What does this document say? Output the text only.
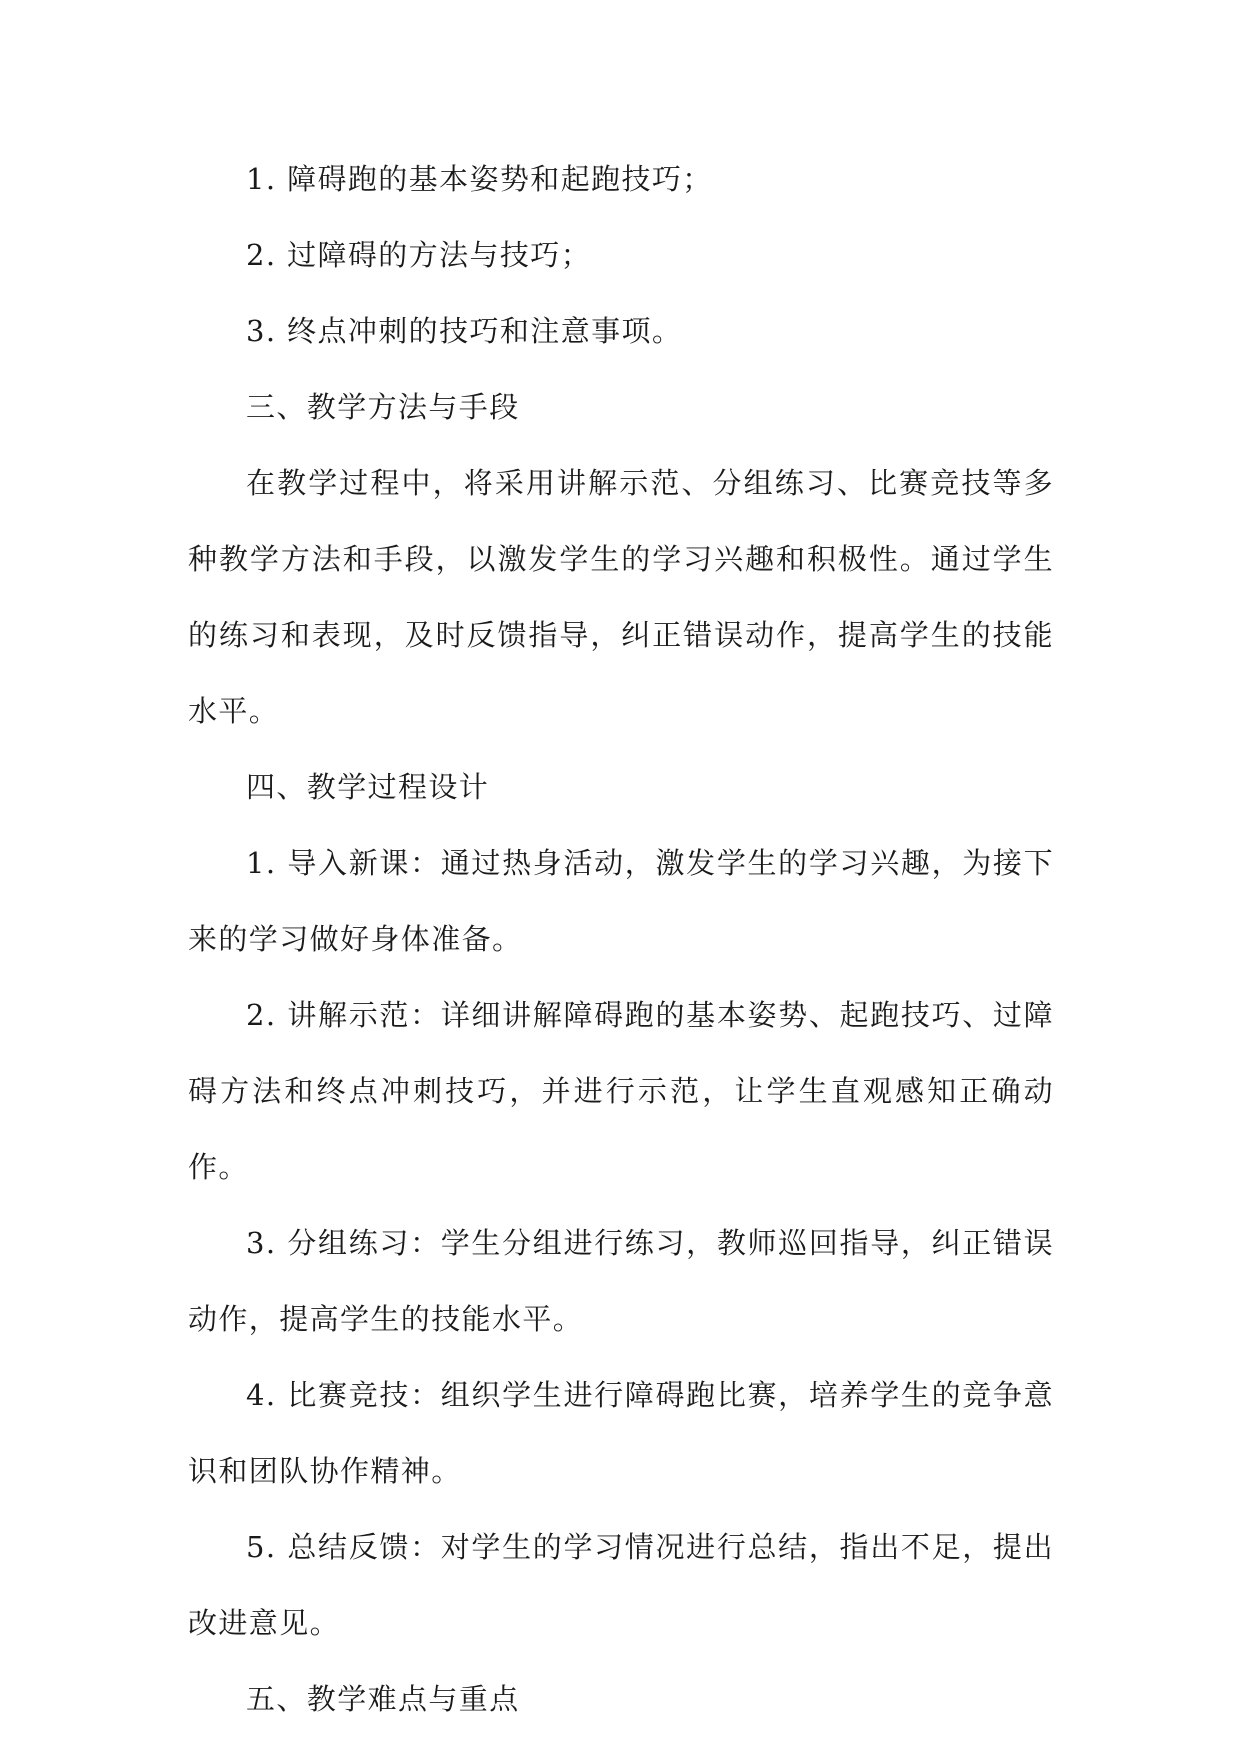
1. 障碍跑的基本姿势和起跑技巧；

2. 过障碍的方法与技巧；

3. 终点冲刺的技巧和注意事项。

三、教学方法与手段

在教学过程中，将采用讲解示范、分组练习、比赛竞技等多种教学方法和手段，以激发学生的学习兴趣和积极性。通过学生的练习和表现，及时反馈指导，纠正错误动作，提高学生的技能水平。

四、教学过程设计

1. 导入新课：通过热身活动，激发学生的学习兴趣，为接下来的学习做好身体准备。

2. 讲解示范：详细讲解障碍跑的基本姿势、起跑技巧、过障碍方法和终点冲刺技巧，并进行示范，让学生直观感知正确动作。

3. 分组练习：学生分组进行练习，教师巡回指导，纠正错误动作，提高学生的技能水平。

4. 比赛竞技：组织学生进行障碍跑比赛，培养学生的竞争意识和团队协作精神。

5. 总结反馈：对学生的学习情况进行总结，指出不足，提出改进意见。

五、教学难点与重点
